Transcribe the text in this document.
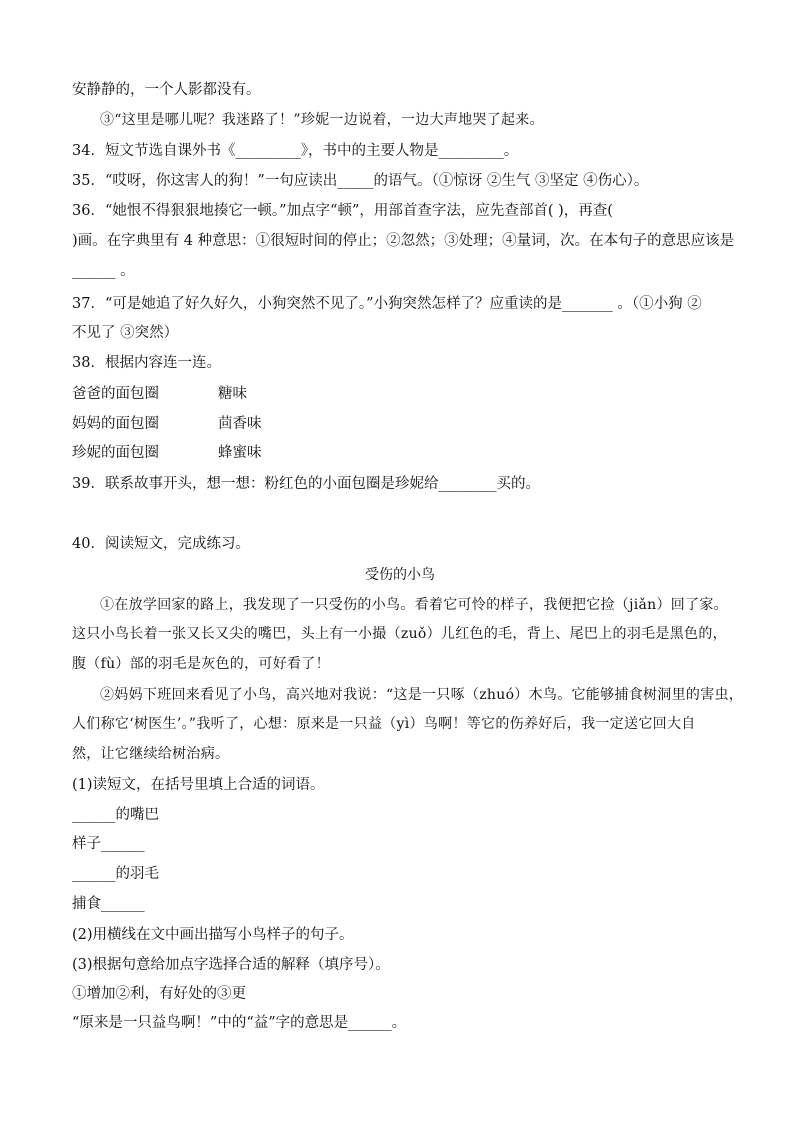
安静静的，一个人影都没有。
③“这里是哪儿呢？我迷路了！”珍妮一边说着，一边大声地哭了起来。
34．短文节选自课外书《_________》，书中的主要人物是_________。
35．“哎呀，你这害人的狗！”一句应读出_____的语气。（①惊讶 ②生气 ③坚定 ④伤心）。
36．“她恨不得狠狠地揍它一顿。”加点字“顿”，用部首查字法，应先查部首( )，再查(
)画。在字典里有 4 种意思：①很短时间的停止；②忽然；③处理；④量词，次。在本句子的意思应该是
______ 。
37．“可是她追了好久好久，小狗突然不见了。”小狗突然怎样了？应重读的是_______ 。（①小狗 ②
不见了 ③突然）
38．根据内容连一连。
爸爸的面包圈	糖味
妈妈的面包圈	茴香味
珍妮的面包圈	蜂蜜味
39．联系故事开头，想一想：粉红色的小面包圈是珍妮给________买的。
40．阅读短文，完成练习。
受伤的小鸟
①在放学回家的路上，我发现了一只受伤的小鸟。看着它可怜的样子，我便把它捡（jiǎn）回了家。
这只小鸟长着一张又长又尖的嘴巴，头上有一小撮（zuǒ）儿红色的毛，背上、尾巴上的羽毛是黑色的，
腹（fù）部的羽毛是灰色的，可好看了！
②妈妈下班回来看见了小鸟，高兴地对我说：“这是一只啄（zhuó）木鸟。它能够捕食树洞里的害虫，
人们称它‘树医生’。”我听了，心想：原来是一只益（yì）鸟啊！等它的伤养好后，我一定送它回大自
然，让它继续给树治病。
(1)读短文，在括号里填上合适的词语。
______的嘴巴
样子______
______的羽毛
捕食______
(2)用横线在文中画出描写小鸟样子的句子。
(3)根据句意给加点字选择合适的解释（填序号）。
①增加②利，有好处的③更
“原来是一只益鸟啊！”中的“益”字的意思是______。
